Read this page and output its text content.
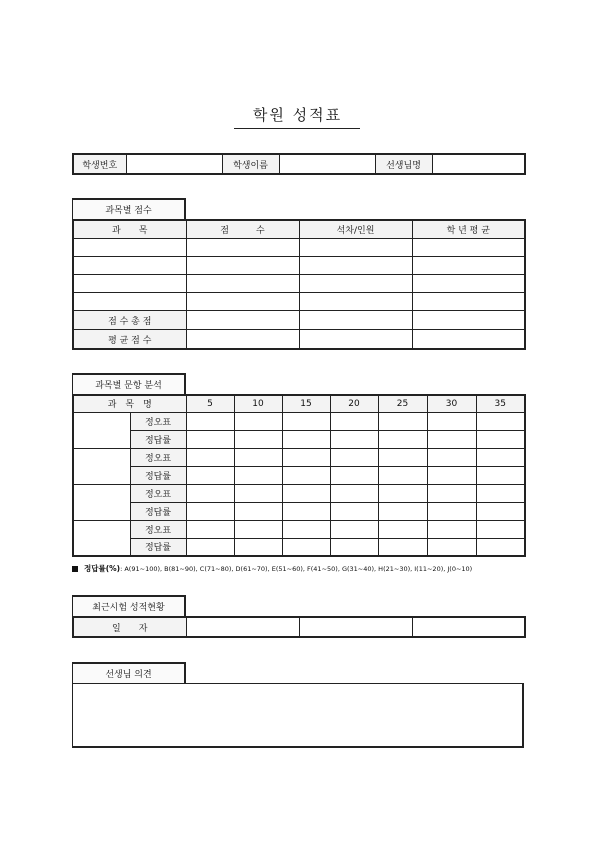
학원 성적표
학생번호		학생이름		선생님명	
과목별 점수
과　　목	점　　　수	석차/인원	학 년 평 균

점 수 총 점			
평 균 점 수			
과목별 문항 분석
과　목　명		5	10	15	20	25	30	35
	정오표							
	정답률							
	정오표							
	정답률							
	정오표							
	정답률							
	정오표							
	정답률							
정답률(%): A(91~100), B(81~90), C(71~80), D(61~70), E(51~60), F(41~50), G(31~40), H(21~30), I(11~20), J(0~10)
최근시험 성적현황
일　　자			
선생님 의견
